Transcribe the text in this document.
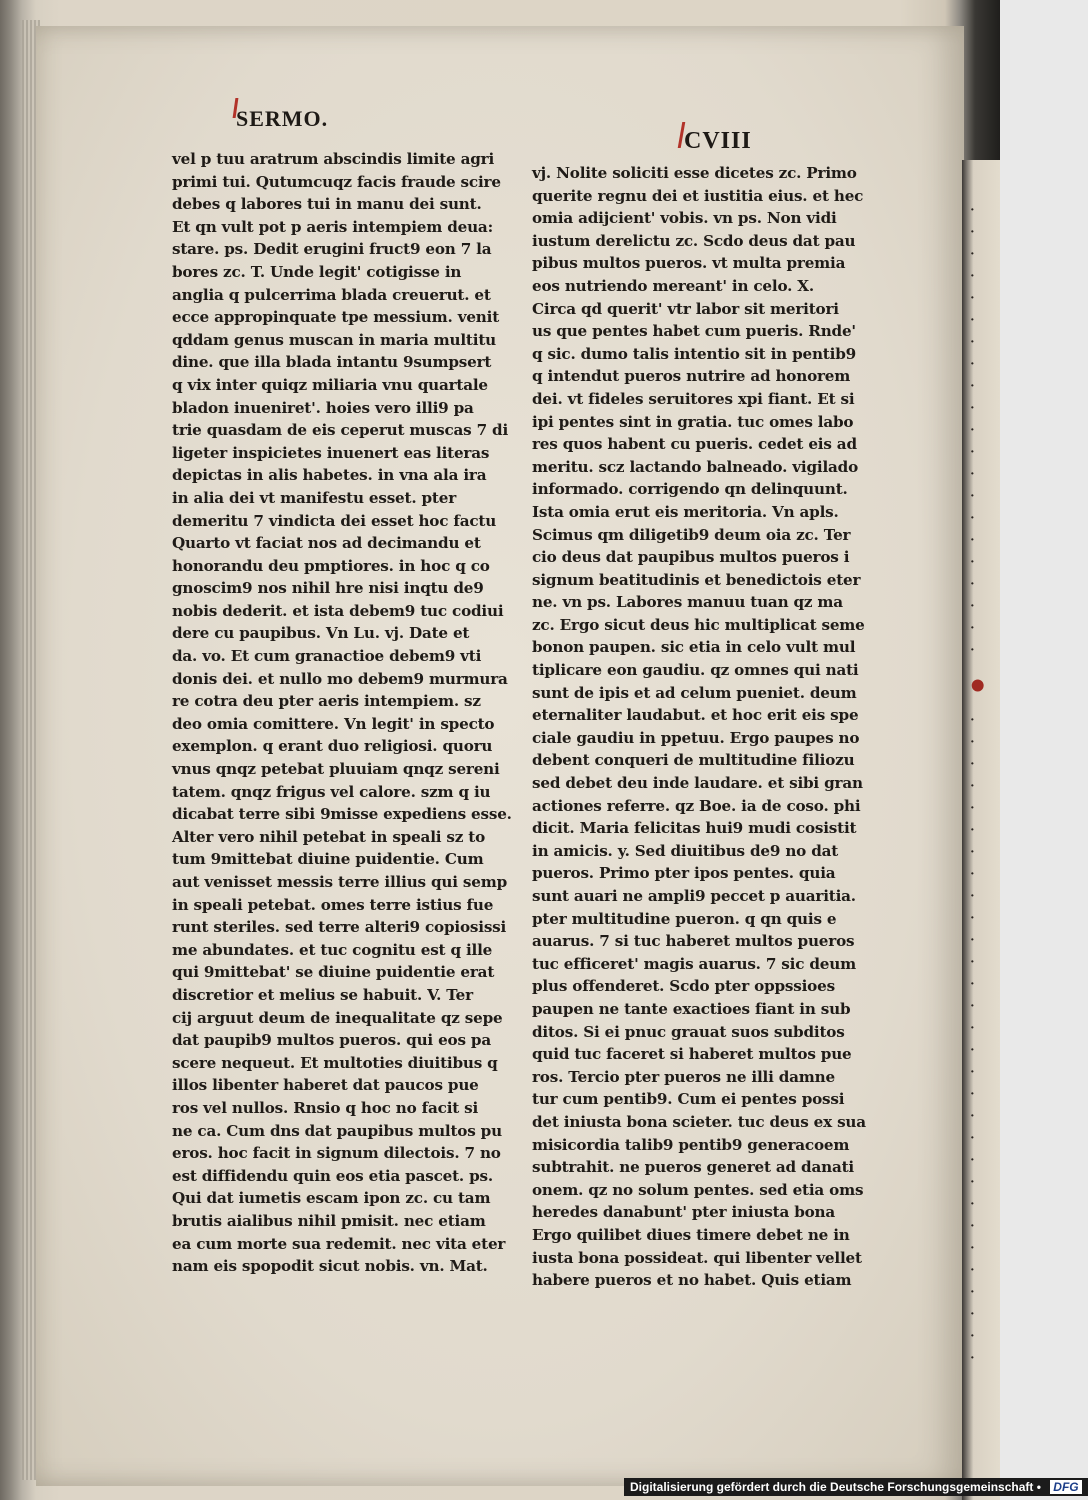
·
·
·
·
·
·
·
·
·
·
·
·
·
·
·
·
·
·
·
·
·
•
·
·
·
·
·
·
·
·
·
·
·
·
·
·
·
·
·
·
·
·
·
·
·
·
·
·
·
·
·
·

SERMO.
CVIII
vel p tuu aratrum abscindis limite agri
primi tui. Qutumcuqz facis fraude scire
debes q labores tui in manu dei sunt.
Et qn vult pot p aeris intempiem deua:
stare. ps. Dedit erugini fruct9 eon 7 la
bores zc. T. Unde legit' cotigisse in
anglia q pulcerrima blada creuerut. et
ecce appropinquate tpe messium. venit
qddam genus muscan in maria multitu
dine. que illa blada intantu 9sumpsert
q vix inter quiqz miliaria vnu quartale
bladon inueniret'. hoies vero illi9 pa
trie quasdam de eis ceperut muscas 7 di
ligeter inspicietes inuenert eas literas
depictas in alis habetes. in vna ala ira
in alia dei vt manifestu esset. pter
demeritu 7 vindicta dei esset hoc factu
Quarto vt faciat nos ad decimandu et
honorandu deu pmptiores. in hoc q co
gnoscim9 nos nihil hre nisi inqtu de9
nobis dederit. et ista debem9 tuc codiui
dere cu paupibus. Vn Lu. vj. Date et
da. vo. Et cum granactioe debem9 vti
donis dei. et nullo mo debem9 murmura
re cotra deu pter aeris intempiem. sz
deo omia comittere. Vn legit' in specto
exemplon. q erant duo religiosi. quoru
vnus qnqz petebat pluuiam qnqz sereni
tatem. qnqz frigus vel calore. szm q iu
dicabat terre sibi 9misse expediens esse.
Alter vero nihil petebat in speali sz to
tum 9mittebat diuine puidentie. Cum
aut venisset messis terre illius qui semp
in speali petebat. omes terre istius fue
runt steriles. sed terre alteri9 copiosissi
me abundates. et tuc cognitu est q ille
qui 9mittebat' se diuine puidentie erat
discretior et melius se habuit. V. Ter
cij arguut deum de inequalitate qz sepe
dat paupib9 multos pueros. qui eos pa
scere nequeut. Et multoties diuitibus q
illos libenter haberet dat paucos pue
ros vel nullos. Rnsio q hoc no facit si
ne ca. Cum dns dat paupibus multos pu
eros. hoc facit in signum dilectois. 7 no
est diffidendu quin eos etia pascet. ps.
Qui dat iumetis escam ipon zc. cu tam
brutis aialibus nihil pmisit. nec etiam
ea cum morte sua redemit. nec vita eter
nam eis spopodit sicut nobis. vn. Mat.
vj. Nolite soliciti esse dicetes zc. Primo
querite regnu dei et iustitia eius. et hec
omia adijcient' vobis. vn ps. Non vidi
iustum derelictu zc. Scdo deus dat pau
pibus multos pueros. vt multa premia
eos nutriendo mereant' in celo. X.
Circa qd querit' vtr labor sit meritori
us que pentes habet cum pueris. Rnde'
q sic. dumo talis intentio sit in pentib9
q intendut pueros nutrire ad honorem
dei. vt fideles seruitores xpi fiant. Et si
ipi pentes sint in gratia. tuc omes labo
res quos habent cu pueris. cedet eis ad
meritu. scz lactando balneado. vigilado
informado. corrigendo qn delinquunt.
Ista omia erut eis meritoria. Vn apls.
Scimus qm diligetib9 deum oia zc. Ter
cio deus dat paupibus multos pueros i
signum beatitudinis et benedictois eter
ne. vn ps. Labores manuu tuan qz ma
zc. Ergo sicut deus hic multiplicat seme
bonon paupen. sic etia in celo vult mul
tiplicare eon gaudiu. qz omnes qui nati
sunt de ipis et ad celum pueniet. deum
eternaliter laudabut. et hoc erit eis spe
ciale gaudiu in ppetuu. Ergo paupes no
debent conqueri de multitudine filiozu
sed debet deu inde laudare. et sibi gran
actiones referre. qz Boe. ia de coso. phi
dicit. Maria felicitas hui9 mudi cosistit
in amicis. y. Sed diuitibus de9 no dat
pueros. Primo pter ipos pentes. quia
sunt auari ne ampli9 peccet p auaritia.
pter multitudine pueron. q qn quis e
auarus. 7 si tuc haberet multos pueros
tuc efficeret' magis auarus. 7 sic deum
plus offenderet. Scdo pter oppssioes
paupen ne tante exactioes fiant in sub
ditos. Si ei pnuc grauat suos subditos
quid tuc faceret si haberet multos pue
ros. Tercio pter pueros ne illi damne
tur cum pentib9. Cum ei pentes possi
det iniusta bona scieter. tuc deus ex sua
misicordia talib9 pentib9 generacoem
subtrahit. ne pueros generet ad danati
onem. qz no solum pentes. sed etia oms
heredes danabunt' pter iniusta bona
Ergo quilibet diues timere debet ne in
iusta bona possideat. qui libenter vellet
habere pueros et no habet. Quis etiam
Digitalisierung gefördert durch die Deutsche Forschungsgemeinschaft • DFG
